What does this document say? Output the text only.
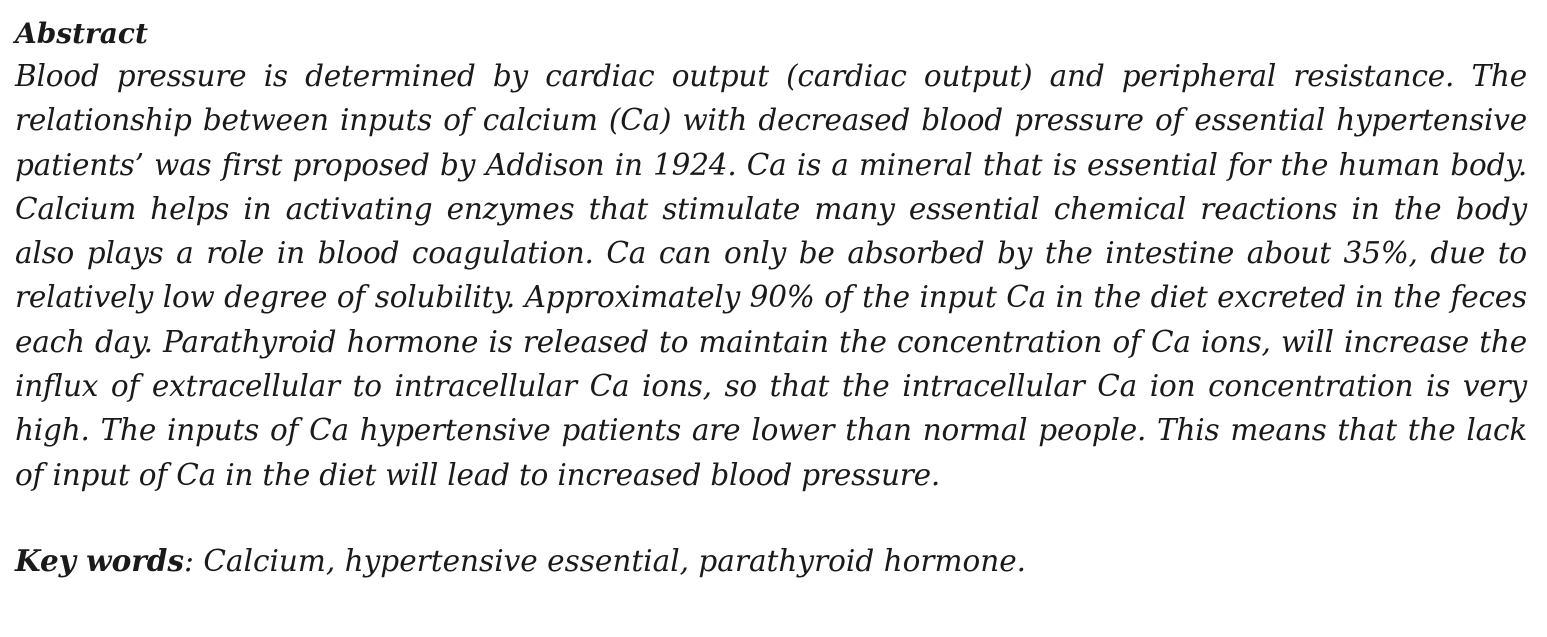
Abstract

Blood pressure is determined by cardiac output (cardiac output) and peripheral resistance. The relationship between inputs of calcium (Ca) with decreased blood pressure of essential hypertensive patients’ was first proposed by Addison in 1924. Ca is a mineral that is essential for the human body. Calcium helps in activating enzymes that stimulate many essential chemical reactions in the body also plays a role in blood coagulation. Ca can only be absorbed by the intestine about 35%, due to relatively low degree of solubility. Approximately 90% of the input Ca in the diet excreted in the feces each day. Parathyroid hormone is released to maintain the concentration of Ca ions, will increase the influx of extracellular to intracellular Ca ions, so that the intracellular Ca ion concentration is very high. The inputs of Ca hypertensive patients are lower than normal people. This means that the lack of input of Ca in the diet will lead to increased blood pressure.

Key words: Calcium, hypertensive essential, parathyroid hormone.
